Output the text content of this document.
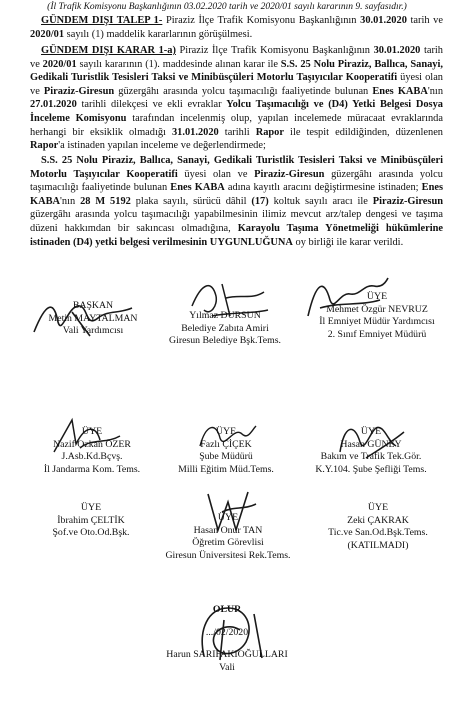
(İl Trafik Komisyonu Başkanlığının 03.02.2020 tarih ve 2020/01 sayılı kararının 9. sayfasıdır.)
GÜNDEM DIŞI TALEP 1- Piraziz İlçe Trafik Komisyonu Başkanlığının 30.01.2020 tarih ve 2020/01 sayılı (1) maddelik kararlarının görüşülmesi.
GÜNDEM DIŞI KARAR 1-a) Piraziz İlçe Trafik Komisyonu Başkanlığının 30.01.2020 tarih ve 2020/01 sayılı kararının (1). maddesinde alınan karar ile S.S. 25 Nolu Piraziz, Ballıca, Sanayi, Gedikali Turistlik Tesisleri Taksi ve Minibüsçüleri Motorlu Taşıyıcılar Kooperatifi üyesi olan ve Piraziz-Giresun güzergâhı arasında yolcu taşımacılığı faaliyetinde bulunan Enes KABA'nın 27.01.2020 tarihli dilekçesi ve ekli evraklar Yolcu Taşımacılığı ve (D4) Yetki Belgesi Dosya İnceleme Komisyonu tarafından incelenmiş olup, yapılan incelemede müracaat evraklarında herhangi bir eksiklik olmadığı 31.01.2020 tarihli Rapor ile tespit edildiğinden, düzenlenen Rapor'a istinaden yapılan inceleme ve değerlendirmede;
S.S. 25 Nolu Piraziz, Ballıca, Sanayi, Gedikali Turistlik Tesisleri Taksi ve Minibüsçüleri Motorlu Taşıyıcılar Kooperatifi üyesi olan ve Piraziz-Giresun güzergâhı arasında yolcu taşımacılığı faaliyetinde bulunan Enes KABA adına kayıtlı aracını değiştirmesine istinaden; Enes KABA'nın 28 M 5192 plaka sayılı, sürücü dâhil (17) koltuk sayılı aracı ile Piraziz-Giresun güzergâhı arasında yolcu taşımacılığı yapabilmesinin ilimiz mevcut arz/talep dengesi ve taşıma düzeni hakkımdan bir sakıncası olmadığına, Karayolu Taşıma Yönetmeliği hükümlerine istinaden (D4) yetki belgesi verilmesinin UYGUNLUĞUNA oy birliği ile karar verildi.
BAŞKAN
Metin MAYTALMAN
Vali Yardımcısı
Yılmaz DURSUN
Belediye Zabıta Amiri
Giresun Belediye Bşk.Tems.
ÜYE
Mehmet Özgür NEVRUZ
İl Emniyet Müdür Yardımcısı
2. Sınıf Emniyet Müdürü
ÜYE
Nazif Ozkan ÖZER
J.Asb.Kd.Bçvş.
İl Jandarma Kom. Tems.
ÜYE
Fazlı ÇİÇEK
Şube Müdürü
Milli Eğitim Müd.Tems.
ÜYE
Hasan GÜNEY
Bakım ve Trafik Tek.Gör.
K.Y.104. Şube Şefliği Tems.
ÜYE
İbrahim ÇELTİK
Şof.ve Oto.Od.Bşk.
ÜYE
Hasan Onur TAN
Öğretim Görevlisi
Giresun Üniversitesi Rek.Tems.
ÜYE
Zeki ÇAKRAK
Tic.ve San.Od.Bşk.Tems.
(KATILMADI)
OLUR
.../02/2020
Harun SARIFAKIOĞULLARI
Vali
